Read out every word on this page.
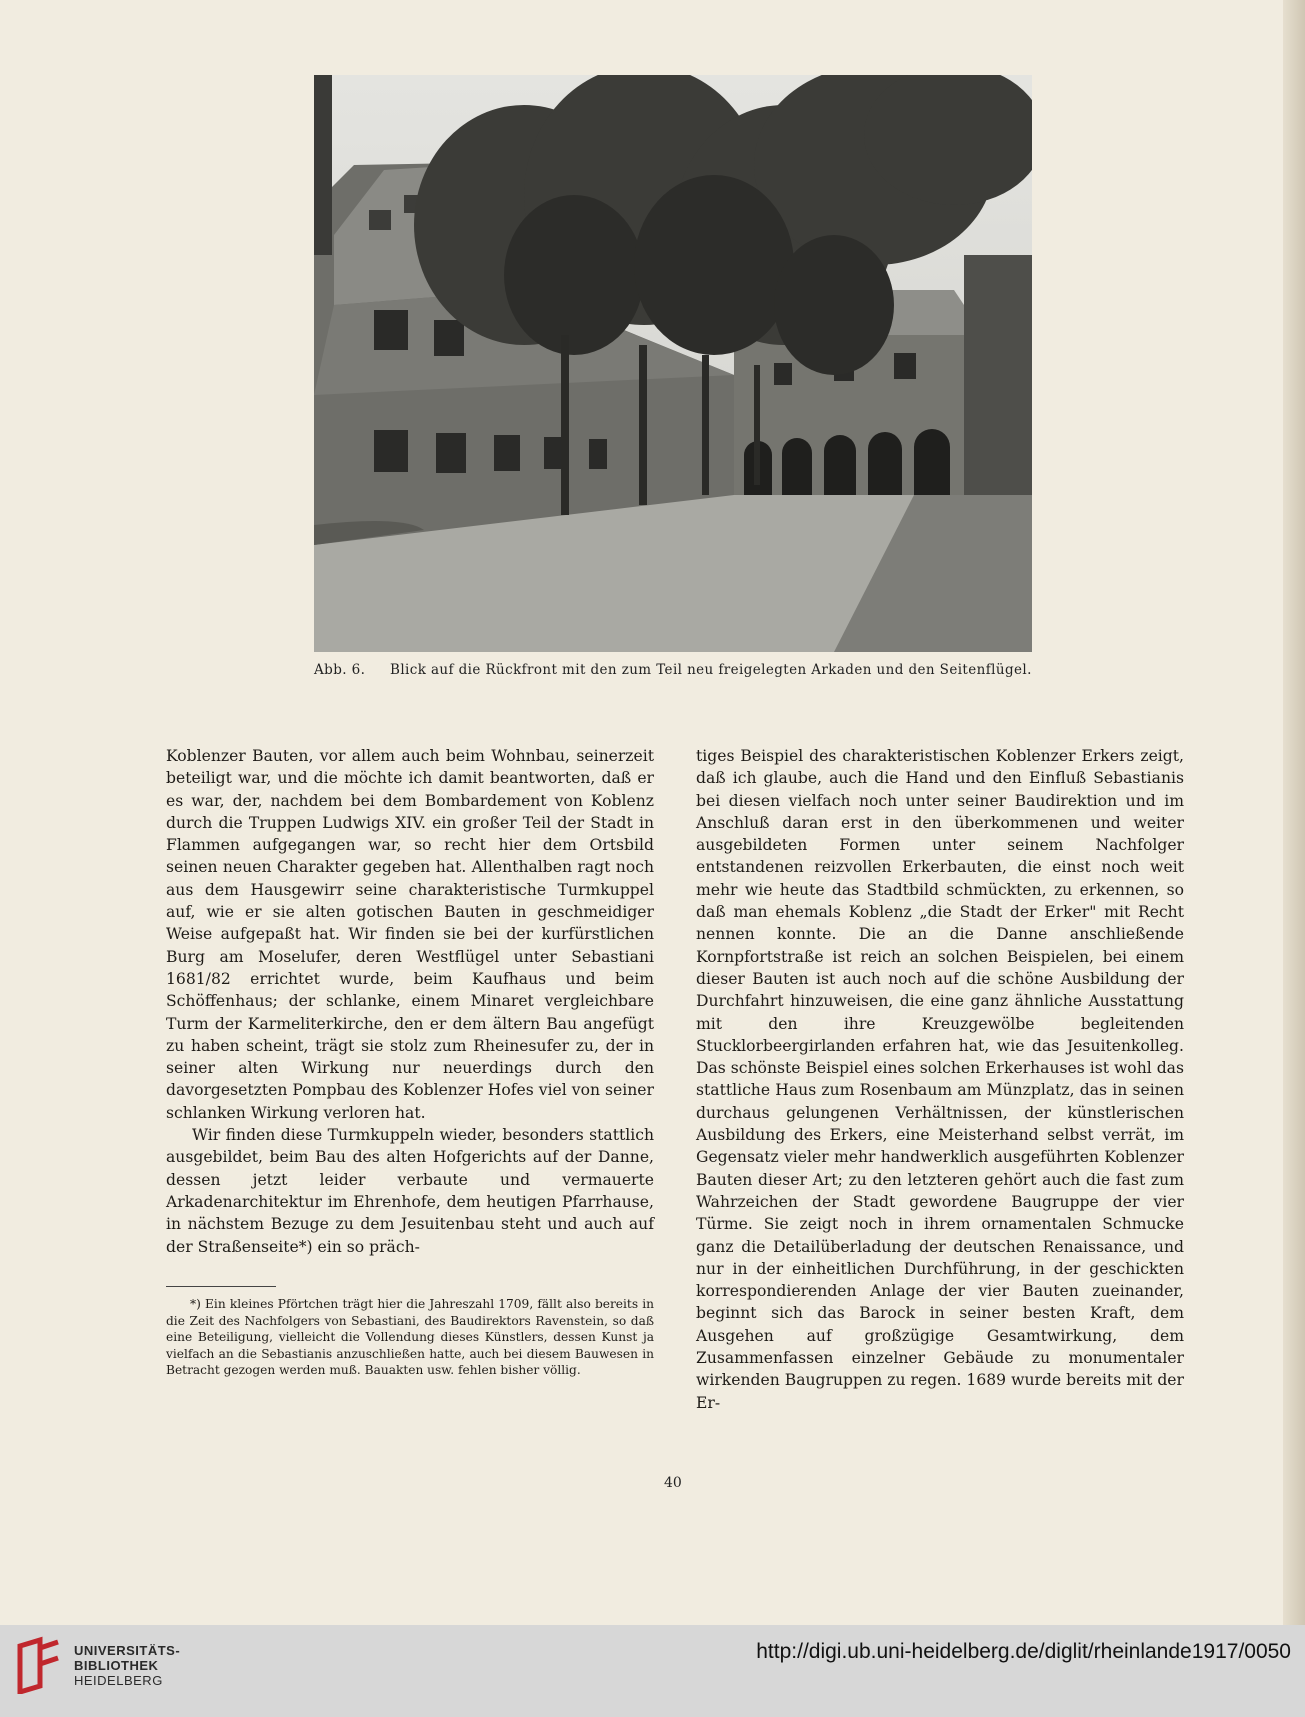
Abb. 6. Blick auf die Rückfront mit den zum Teil neu freigelegten Arkaden und den Seitenflügel.

Koblenzer Bauten, vor allem auch beim Wohnbau, seinerzeit beteiligt war, und die möchte ich damit beantworten, daß er es war, der, nachdem bei dem Bombardement von Koblenz durch die Truppen Ludwigs XIV. ein großer Teil der Stadt in Flammen aufgegangen war, so recht hier dem Ortsbild seinen neuen Charakter gegeben hat. Allenthalben ragt noch aus dem Hausgewirr seine charakteristische Turmkuppel auf, wie er sie alten gotischen Bauten in geschmeidiger Weise aufgepaßt hat. Wir finden sie bei der kurfürstlichen Burg am Moselufer, deren Westflügel unter Sebastiani 1681/82 errichtet wurde, beim Kaufhaus und beim Schöffenhaus; der schlanke, einem Minaret vergleichbare Turm der Karmeliterkirche, den er dem ältern Bau angefügt zu haben scheint, trägt sie stolz zum Rheinesufer zu, der in seiner alten Wirkung nur neuerdings durch den davorgesetzten Pompbau des Koblenzer Hofes viel von seiner schlanken Wirkung verloren hat.

Wir finden diese Turmkuppeln wieder, besonders stattlich ausgebildet, beim Bau des alten Hofgerichts auf der Danne, dessen jetzt leider verbaute und vermauerte Arkadenarchitektur im Ehrenhofe, dem heutigen Pfarrhause, in nächstem Bezuge zu dem Jesuitenbau steht und auch auf der Straßenseite*) ein so präch-

*) Ein kleines Pförtchen trägt hier die Jahreszahl 1709, fällt also bereits in die Zeit des Nachfolgers von Sebastiani, des Baudirektors Ravenstein, so daß eine Beteiligung, vielleicht die Vollendung dieses Künstlers, dessen Kunst ja vielfach an die Sebastianis anzuschließen hatte, auch bei diesem Bauwesen in Betracht gezogen werden muß. Bauakten usw. fehlen bisher völlig.

tiges Beispiel des charakteristischen Koblenzer Erkers zeigt, daß ich glaube, auch die Hand und den Einfluß Sebastianis bei diesen vielfach noch unter seiner Baudirektion und im Anschluß daran erst in den überkommenen und weiter ausgebildeten Formen unter seinem Nachfolger entstandenen reizvollen Erkerbauten, die einst noch weit mehr wie heute das Stadtbild schmückten, zu erkennen, so daß man ehemals Koblenz „die Stadt der Erker" mit Recht nennen konnte. Die an die Danne anschließende Kornpfortstraße ist reich an solchen Beispielen, bei einem dieser Bauten ist auch noch auf die schöne Ausbildung der Durchfahrt hinzuweisen, die eine ganz ähnliche Ausstattung mit den ihre Kreuzgewölbe begleitenden Stucklorbeergirlanden erfahren hat, wie das Jesuitenkolleg. Das schönste Beispiel eines solchen Erkerhauses ist wohl das stattliche Haus zum Rosenbaum am Münzplatz, das in seinen durchaus gelungenen Verhältnissen, der künstlerischen Ausbildung des Erkers, eine Meisterhand selbst verrät, im Gegensatz vieler mehr handwerklich ausgeführten Koblenzer Bauten dieser Art; zu den letzteren gehört auch die fast zum Wahrzeichen der Stadt gewordene Baugruppe der vier Türme. Sie zeigt noch in ihrem ornamentalen Schmucke ganz die Detailüberladung der deutschen Renaissance, und nur in der einheitlichen Durchführung, in der geschickten korrespondierenden Anlage der vier Bauten zueinander, beginnt sich das Barock in seiner besten Kraft, dem Ausgehen auf großzügige Gesamtwirkung, dem Zusammenfassen einzelner Gebäude zu monumentaler wirkenden Baugruppen zu regen. 1689 wurde bereits mit der Er-

40
UNIVERSITÄTS-
BIBLIOTHEK
HEIDELBERG
http://digi.ub.uni-heidelberg.de/diglit/rheinlande1917/0050
